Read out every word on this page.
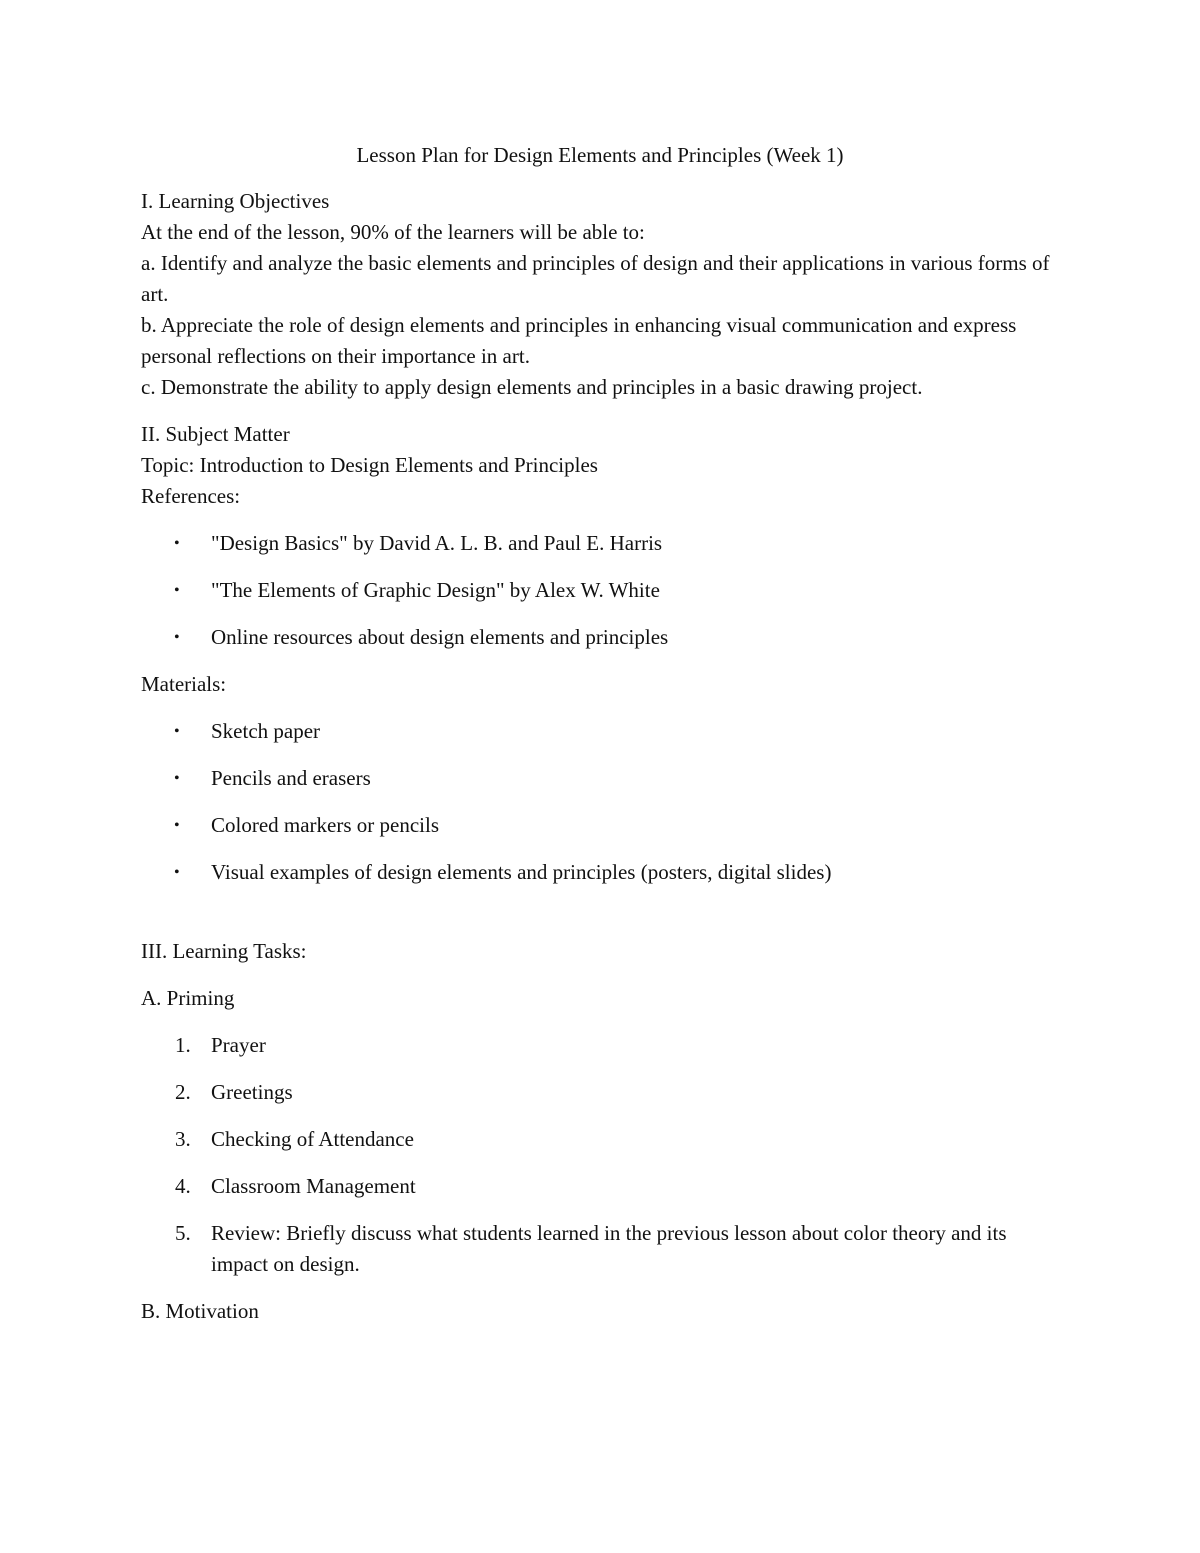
Lesson Plan for Design Elements and Principles (Week 1)

I. Learning Objectives

At the end of the lesson, 90% of the learners will be able to:

a. Identify and analyze the basic elements and principles of design and their applications in various forms of art.

b. Appreciate the role of design elements and principles in enhancing visual communication and express personal reflections on their importance in art.

c. Demonstrate the ability to apply design elements and principles in a basic drawing project.

II. Subject Matter

Topic: Introduction to Design Elements and Principles

References:

• "Design Basics" by David A. L. B. and Paul E. Harris
• "The Elements of Graphic Design" by Alex W. White
• Online resources about design elements and principles

Materials:

• Sketch paper
• Pencils and erasers
• Colored markers or pencils
• Visual examples of design elements and principles (posters, digital slides)

III. Learning Tasks:

A. Priming

1. Prayer
2. Greetings
3. Checking of Attendance
4. Classroom Management
5. Review: Briefly discuss what students learned in the previous lesson about color theory and its impact on design.

B. Motivation
